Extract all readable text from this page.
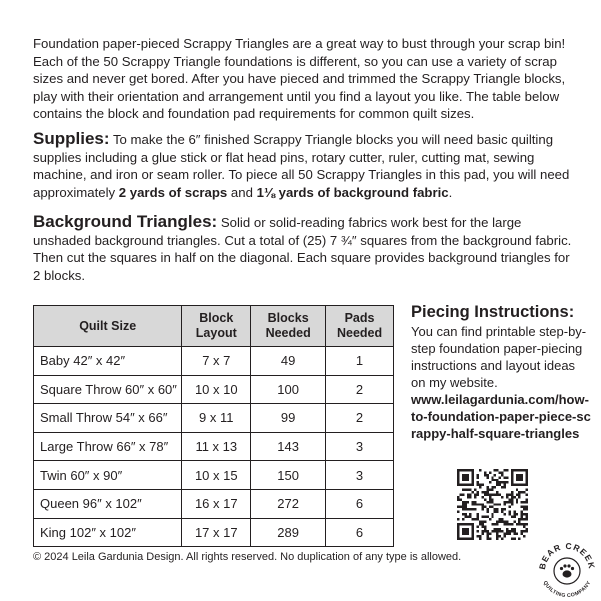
Foundation paper-pieced Scrappy Triangles are a great way to bust through your scrap bin! Each of the 50 Scrappy Triangle foundations is different, so you can use a variety of scrap sizes and never get bored. After you have pieced and trimmed the Scrappy Triangle blocks, play with their orientation and arrangement until you find a layout you like. The table below contains the block and foundation pad requirements for common quilt sizes.

Supplies: To make the 6″ finished Scrappy Triangle blocks you will need basic quilting supplies including a glue stick or flat head pins, rotary cutter, ruler, cutting mat, sewing machine, and iron or seam roller. To piece all 50 Scrappy Triangles in this pad, you will need approximately 2 yards of scraps and 1⅛ yards of background fabric.

Background Triangles: Solid or solid-reading fabrics work best for the large unshaded background triangles. Cut a total of (25) 7 ¾″ squares from the background fabric. Then cut the squares in half on the diagonal. Each square provides background triangles for 2 blocks.

Quilt Size	Block Layout	Blocks Needed	Pads Needed
Baby 42″ x 42″	7 x 7	49	1
Square Throw 60″ x 60″	10 x 10	100	2
Small Throw 54″ x 66″	9 x 11	99	2
Large Throw 66″ x 78″	11 x 13	143	3
Twin 60″ x 90″	10 x 15	150	3
Queen 96″ x 102″	16 x 17	272	6
King 102″ x 102″	17 x 17	289	6
Piecing Instructions:
You can find printable step-by-step foundation paper-piecing instructions and layout ideas on my website.
www.leilagardunia.com/how-to-foundation-paper-piece-scrappy-half-square-triangles
© 2024 Leila Gardunia Design. All rights reserved. No duplication of any type is allowed.
BEAR CREEK
QUILTING COMPANY
